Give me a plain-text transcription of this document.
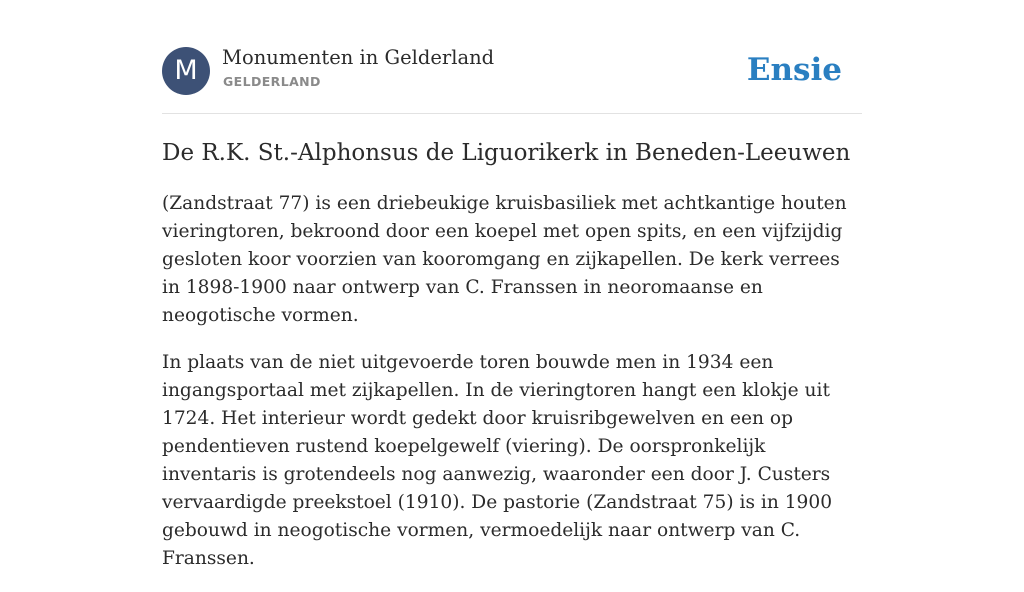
M	Monumenten in Gelderland
GELDERLAND	Ensie
De R.K. St.-Alphonsus de Liguorikerk in Beneden-Leeuwen

(Zandstraat 77) is een driebeukige kruisbasiliek met achtkantige houten vieringtoren, bekroond door een koepel met open spits, en een vijfzijdig gesloten koor voorzien van kooromgang en zijkapellen. De kerk verrees in 1898-1900 naar ontwerp van C. Franssen in neoromaanse en neogotische vormen.

In plaats van de niet uitgevoerde toren bouwde men in 1934 een ingangsportaal met zijkapellen. In de vieringtoren hangt een klokje uit 1724. Het interieur wordt gedekt door kruisribgewelven en een op pendentieven rustend koepelgewelf (viering). De oorspronkelijk inventaris is grotendeels nog aanwezig, waaronder een door J. Custers vervaardigde preekstoel (1910). De pastorie (Zandstraat 75) is in 1900 gebouwd in neogotische vormen, vermoedelijk naar ontwerp van C. Franssen.
